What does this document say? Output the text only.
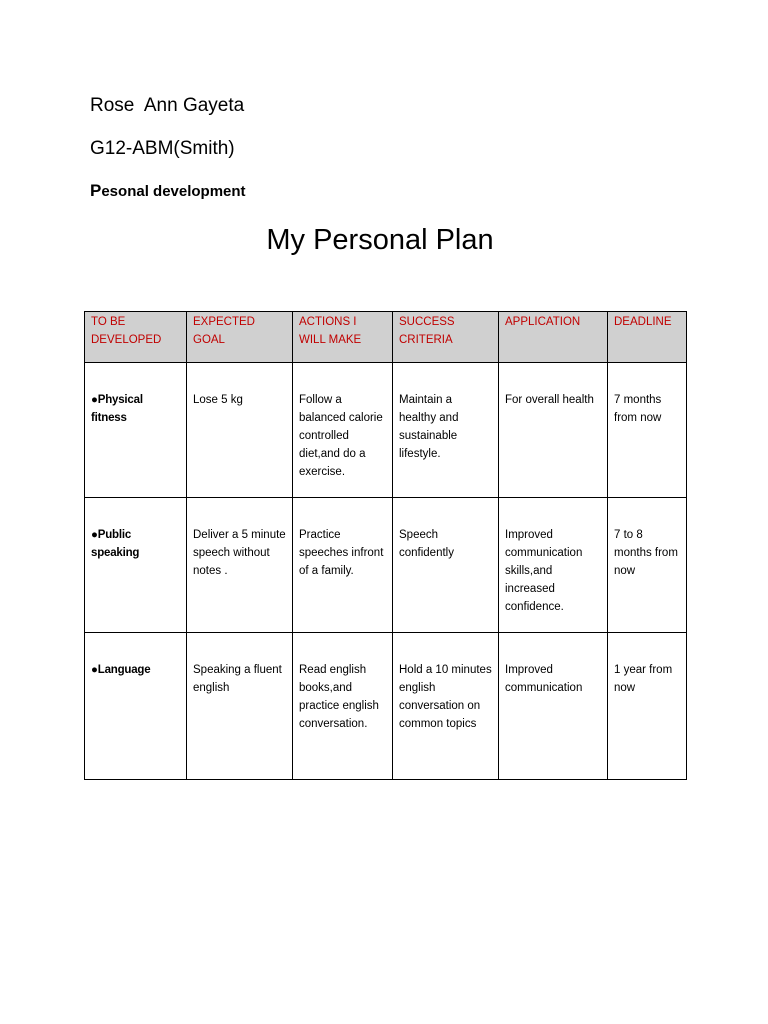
Rose  Ann Gayeta
G12-ABM(Smith)
Pesonal development
My Personal Plan
TO BE DEVELOPED	EXPECTED GOAL	ACTIONS I WILL MAKE	SUCCESS CRITERIA	APPLICATION	DEADLINE
●Physical fitness	Lose 5 kg	Follow a balanced calorie controlled diet,and do a exercise.	Maintain a healthy and sustainable lifestyle.	For overall health	7 months from now
●Public speaking	Deliver a 5 minute speech without notes .	Practice speeches infront of a family.	Speech confidently	Improved communication skills,and increased confidence.	7 to 8 months from now
●Language	Speaking a fluent english	Read english books,and practice english conversation.	Hold a 10 minutes english conversation on common topics	Improved communication	1 year from now
